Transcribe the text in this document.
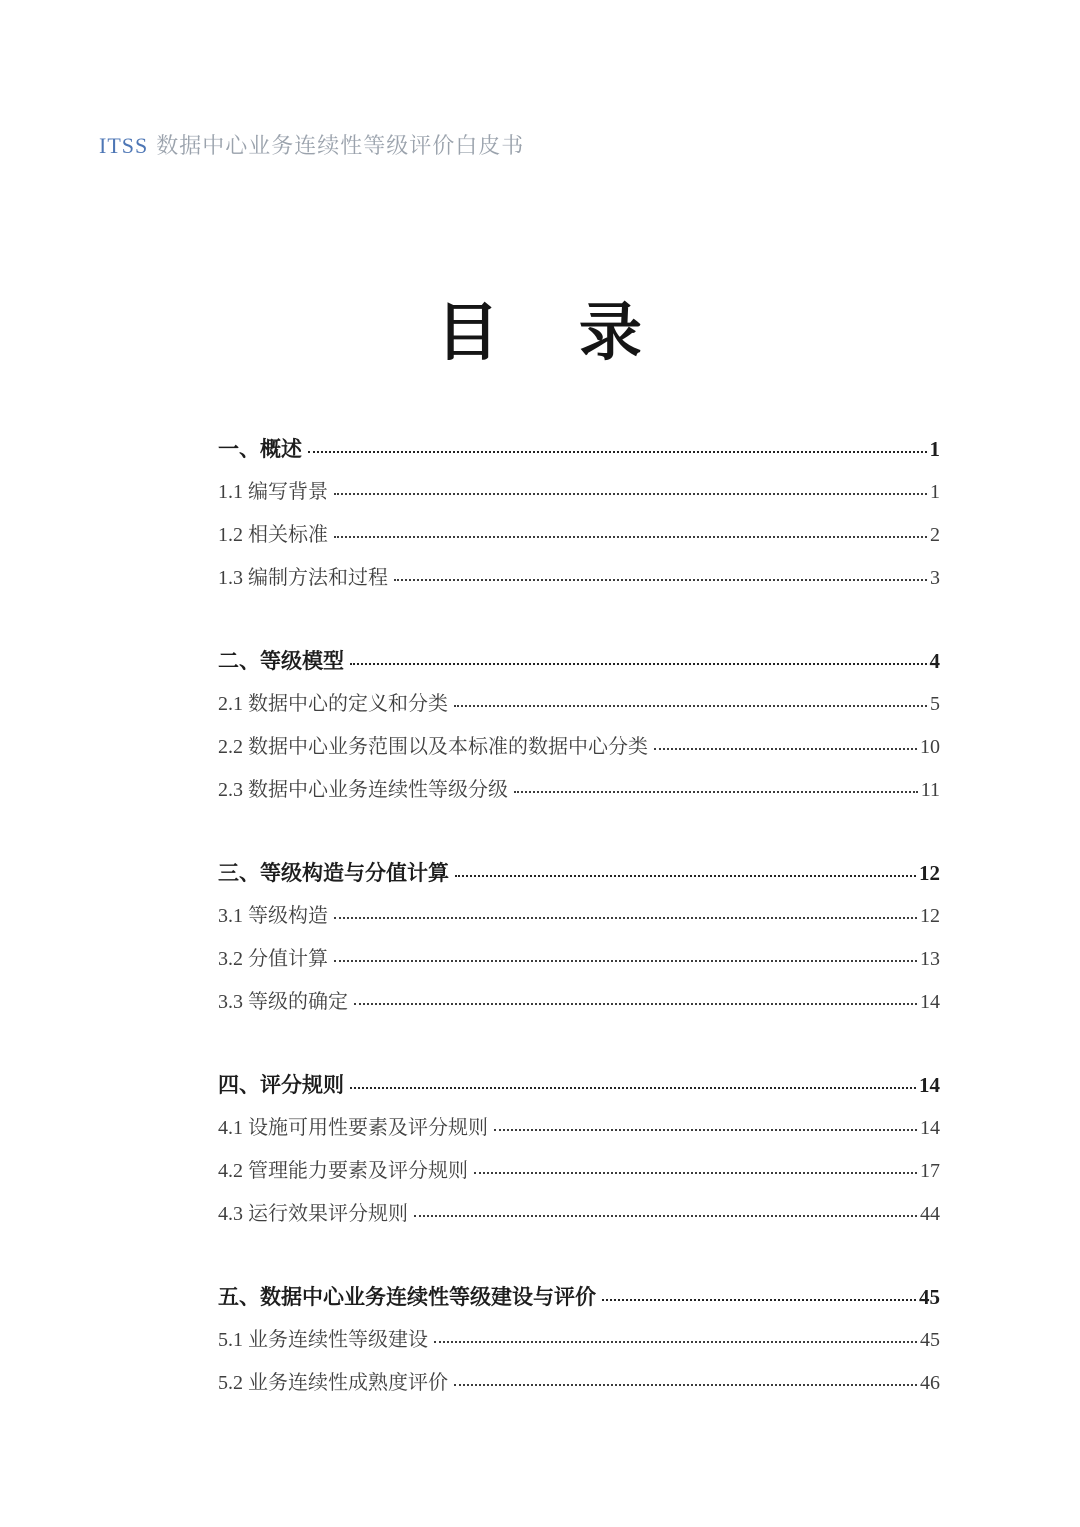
ITSS 数据中心业务连续性等级评价白皮书
目 录
一、概述	1
1.1 编写背景	1
1.2 相关标准	2
1.3 编制方法和过程	3
二、等级模型	4
2.1 数据中心的定义和分类	5
2.2 数据中心业务范围以及本标准的数据中心分类	10
2.3 数据中心业务连续性等级分级	11
三、等级构造与分值计算	12
3.1 等级构造	12
3.2 分值计算	13
3.3 等级的确定	14
四、评分规则	14
4.1 设施可用性要素及评分规则	14
4.2 管理能力要素及评分规则	17
4.3 运行效果评分规则	44
五、数据中心业务连续性等级建设与评价	45
5.1 业务连续性等级建设	45
5.2 业务连续性成熟度评价	46
